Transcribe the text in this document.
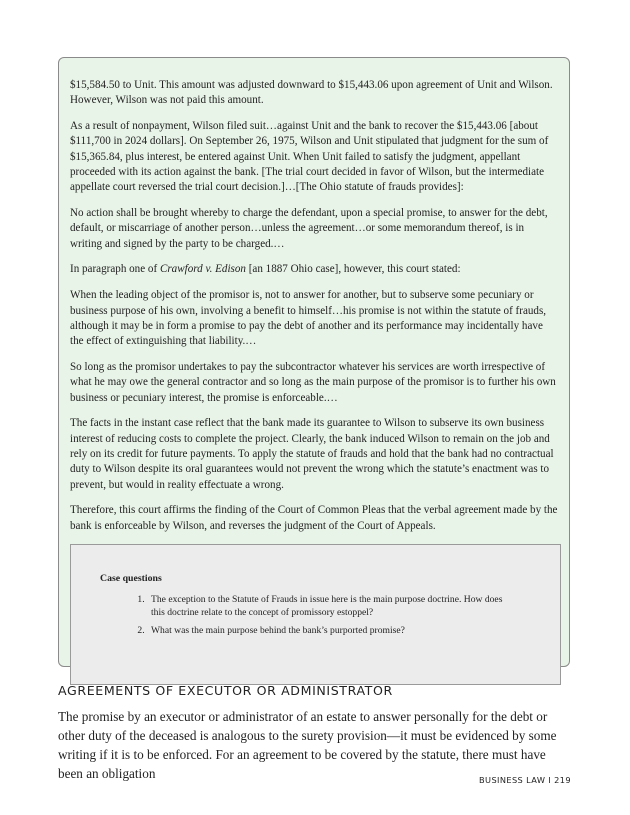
$15,584.50 to Unit. This amount was adjusted downward to $15,443.06 upon agreement of Unit and Wilson. However, Wilson was not paid this amount.

As a result of nonpayment, Wilson filed suit…against Unit and the bank to recover the $15,443.06 [about $111,700 in 2024 dollars]. On September 26, 1975, Wilson and Unit stipulated that judgment for the sum of $15,365.84, plus interest, be entered against Unit. When Unit failed to satisfy the judgment, appellant proceeded with its action against the bank. [The trial court decided in favor of Wilson, but the intermediate appellate court reversed the trial court decision.]…[The Ohio statute of frauds provides]:

No action shall be brought whereby to charge the defendant, upon a special promise, to answer for the debt, default, or miscarriage of another person…unless the agreement…or some memorandum thereof, is in writing and signed by the party to be charged.…

In paragraph one of Crawford v. Edison [an 1887 Ohio case], however, this court stated:

When the leading object of the promisor is, not to answer for another, but to subserve some pecuniary or business purpose of his own, involving a benefit to himself…his promise is not within the statute of frauds, although it may be in form a promise to pay the debt of another and its performance may incidentally have the effect of extinguishing that liability.…

So long as the promisor undertakes to pay the subcontractor whatever his services are worth irrespective of what he may owe the general contractor and so long as the main purpose of the promisor is to further his own business or pecuniary interest, the promise is enforceable.…

The facts in the instant case reflect that the bank made its guarantee to Wilson to subserve its own business interest of reducing costs to complete the project. Clearly, the bank induced Wilson to remain on the job and rely on its credit for future payments. To apply the statute of frauds and hold that the bank had no contractual duty to Wilson despite its oral guarantees would not prevent the wrong which the statute’s enactment was to prevent, but would in reality effectuate a wrong.

Therefore, this court affirms the finding of the Court of Common Pleas that the verbal agreement made by the bank is enforceable by Wilson, and reverses the judgment of the Court of Appeals.

Case questions
1. The exception to the Statute of Frauds in issue here is the main purpose doctrine. How does this doctrine relate to the concept of promissory estoppel?
2. What was the main purpose behind the bank’s purported promise?
AGREEMENTS OF EXECUTOR OR ADMINISTRATOR

The promise by an executor or administrator of an estate to answer personally for the debt or other duty of the deceased is analogous to the surety provision—it must be evidenced by some writing if it is to be enforced. For an agreement to be covered by the statute, there must have been an obligation	BUSINESS LAW I 219
